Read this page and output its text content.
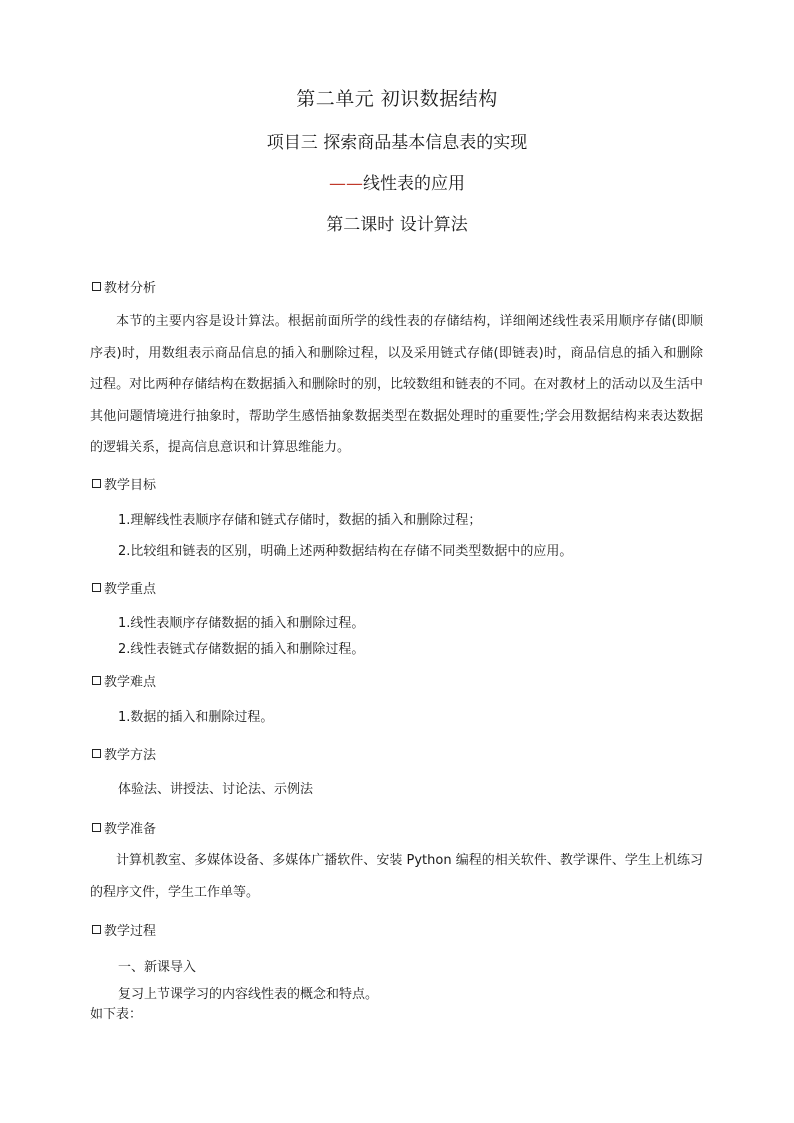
第二单元 初识数据结构
项目三 探索商品基本信息表的实现
——线性表的应用
第二课时 设计算法
教材分析
本节的主要内容是设计算法。根据前面所学的线性表的存储结构，详细阐述线性表采用顺序存储(即顺序表)时，用数组表示商品信息的插入和删除过程，以及采用链式存储(即链表)时，商品信息的插入和删除过程。对比两种存储结构在数据插入和删除时的别，比较数组和链表的不同。在对教材上的活动以及生活中其他问题情境进行抽象时，帮助学生感悟抽象数据类型在数据处理时的重要性;学会用数据结构来表达数据的逻辑关系，提高信息意识和计算思维能力。
教学目标
1.理解线性表顺序存储和链式存储时，数据的插入和删除过程；
2.比较组和链表的区别，明确上述两种数据结构在存储不同类型数据中的应用。
教学重点
1.线性表顺序存储数据的插入和删除过程。
2.线性表链式存储数据的插入和删除过程。
教学难点
1.数据的插入和删除过程。
教学方法
体验法、讲授法、讨论法、示例法
教学准备
计算机教室、多媒体设备、多媒体广播软件、安装 Python 编程的相关软件、教学课件、学生上机练习的程序文件，学生工作单等。
教学过程
一、新课导入
复习上节课学习的内容线性表的概念和特点。
如下表：
